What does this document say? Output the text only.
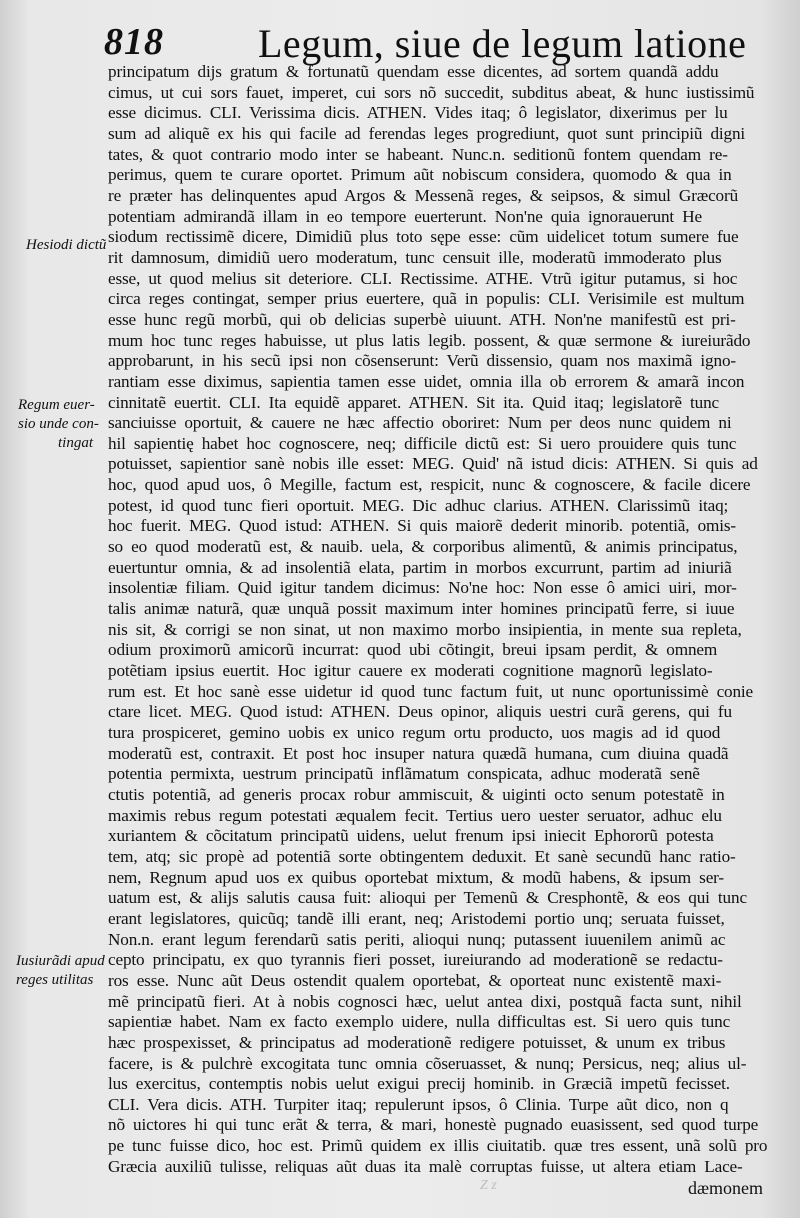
818 Legum, siue de legum latione
Hesiodi dictũ
Regum euer-
sio unde con-
tingat
Iusiurãdi apud
reges utilitas
principatum dijs gratum & fortunatũ quendam esse dicentes, ad sortem quandã addu
cimus, ut cui sors fauet, imperet, cui sors nõ succedit, subditus abeat, & hunc iustissimũ
esse dicimus. CLI. Verissima dicis. ATHEN. Vides itaq; ô legislator, dixerimus per lu
sum ad aliquẽ ex his qui facile ad ferendas leges progrediunt, quot sunt principiũ digni
tates, & quot contrario modo inter se habeant. Nunc.n. seditionũ fontem quendam re-
perimus, quem te curare oportet. Primum aũt nobiscum considera, quomodo & qua in
re præter has delinquentes apud Argos & Messenã reges, & seipsos, & simul Græcorũ
potentiam admirandã illam in eo tempore euerterunt. Non'ne quia ignorauerunt He
siodum rectissimẽ dicere, Dimidiũ plus toto sępe esse: cũm uidelicet totum sumere fue
rit damnosum, dimidiũ uero moderatum, tunc censuit ille, moderatũ immoderato plus
esse, ut quod melius sit deteriore. CLI. Rectissime. ATHE. Vtrũ igitur putamus, si hoc
circa reges contingat, semper prius euertere, quã in populis: CLI. Verisimile est multum
esse hunc regũ morbũ, qui ob delicias superbè uiuunt. ATH. Non'ne manifestũ est pri-
mum hoc tunc reges habuisse, ut plus latis legib. possent, & quæ sermone & iureiurãdo
approbarunt, in his secũ ipsi non cõsenserunt: Verũ dissensio, quam nos maximã igno-
rantiam esse diximus, sapientia tamen esse uidet, omnia illa ob errorem & amarã incon
cinnitatẽ euertit. CLI. Ita equidẽ apparet. ATHEN. Sit ita. Quid itaq; legislatorẽ tunc
sanciuisse oportuit, & cauere ne hæc affectio oboriret: Num per deos nunc quidem ni
hil sapientię habet hoc cognoscere, neq; difficile dictũ est: Si uero prouidere quis tunc
potuisset, sapientior sanè nobis ille esset: MEG. Quid' nã istud dicis: ATHEN. Si quis ad
hoc, quod apud uos, ô Megille, factum est, respicit, nunc & cognoscere, & facile dicere
potest, id quod tunc fieri oportuit. MEG. Dic adhuc clarius. ATHEN. Clarissimũ itaq;
hoc fuerit. MEG. Quod istud: ATHEN. Si quis maiorẽ dederit minorib. potentiã, omis-
so eo quod moderatũ est, & nauib. uela, & corporibus alimentũ, & animis principatus,
euertuntur omnia, & ad insolentiã elata, partim in morbos excurrunt, partim ad iniuriã
insolentiæ filiam. Quid igitur tandem dicimus: No'ne hoc: Non esse ô amici uiri, mor-
talis animæ naturã, quæ unquã possit maximum inter homines principatũ ferre, si iuue
nis sit, & corrigi se non sinat, ut non maximo morbo insipientia, in mente sua repleta,
odium proximorũ amicorũ incurrat: quod ubi cõtingit, breui ipsam perdit, & omnem
potẽtiam ipsius euertit. Hoc igitur cauere ex moderati cognitione magnorũ legislato-
rum est. Et hoc sanè esse uidetur id quod tunc factum fuit, ut nunc oportunissimè conie
ctare licet. MEG. Quod istud: ATHEN. Deus opinor, aliquis uestri curã gerens, qui fu
tura prospiceret, gemino uobis ex unico regum ortu producto, uos magis ad id quod
moderatũ est, contraxit. Et post hoc insuper natura quædã humana, cum diuina quadã
potentia permixta, uestrum principatũ inflãmatum conspicata, adhuc moderatã senẽ
ctutis potentiã, ad generis procax robur ammiscuit, & uiginti octo senum potestatẽ in
maximis rebus regum potestati æqualem fecit. Tertius uero uester seruator, adhuc elu
xuriantem & cõcitatum principatũ uidens, uelut frenum ipsi iniecit Ephororũ potesta
tem, atq; sic propè ad potentiã sorte obtingentem deduxit. Et sanè secundũ hanc ratio-
nem, Regnum apud uos ex quibus oportebat mixtum, & modũ habens, & ipsum ser-
uatum est, & alijs salutis causa fuit: alioqui per Temenũ & Cresphontẽ, & eos qui tunc
erant legislatores, quicũq; tandẽ illi erant, neq; Aristodemi portio unq; seruata fuisset,
Non.n. erant legum ferendarũ satis periti, alioqui nunq; putassent iuuenilem animũ ac
cepto principatu, ex quo tyrannis fieri posset, iureiurando ad moderationẽ se redactu-
ros esse. Nunc aũt Deus ostendit qualem oportebat, & oporteat nunc existentẽ maxi-
mẽ principatũ fieri. At à nobis cognosci hæc, uelut antea dixi, postquã facta sunt, nihil
sapientiæ habet. Nam ex facto exemplo uidere, nulla difficultas est. Si uero quis tunc
hæc prospexisset, & principatus ad moderationẽ redigere potuisset, & unum ex tribus
facere, is & pulchrè excogitata tunc omnia cõseruasset, & nunq; Persicus, neq; alius ul-
lus exercitus, contemptis nobis uelut exigui precij hominib. in Græciã impetũ fecisset.
CLI. Vera dicis. ATH. Turpiter itaq; repulerunt ipsos, ô Clinia. Turpe aũt dico, non q
nõ uictores hi qui tunc erãt & terra, & mari, honestè pugnado euasissent, sed quod turpe
pe tunc fuisse dico, hoc est. Primũ quidem ex illis ciuitatib. quæ tres essent, unã solũ pro
Græcia auxiliũ tulisse, reliquas aũt duas ita malè corruptas fuisse, ut altera etiam Lace-
Z z	dæmonem
